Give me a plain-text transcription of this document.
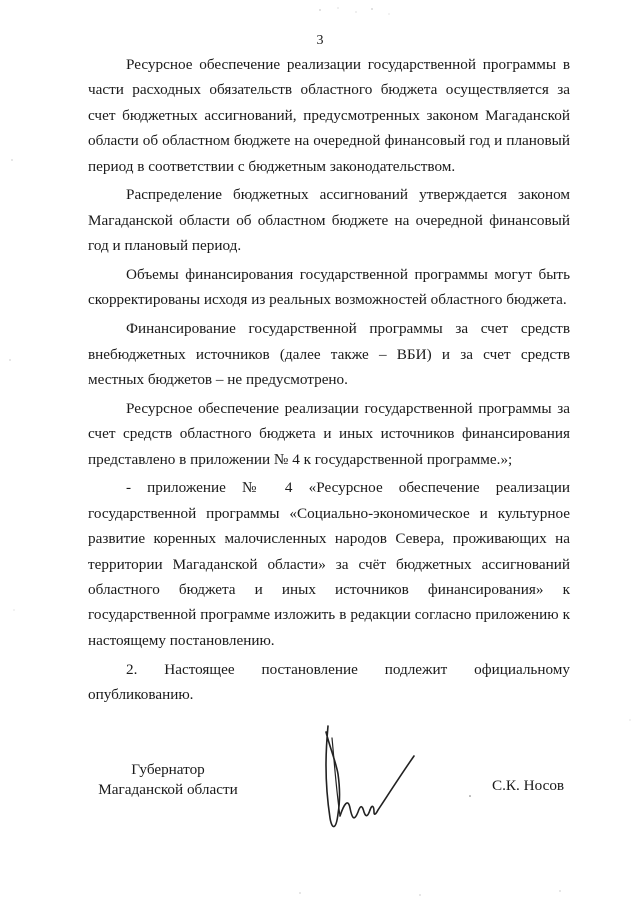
3

Ресурсное обеспечение реализации государственной программы в части расходных обязательств областного бюджета осуществляется за счет бюджетных ассигнований, предусмотренных законом Магаданской области об областном бюджете на очередной финансовый год и плановый период в соответствии с бюджетным законодательством.

Распределение бюджетных ассигнований утверждается законом Магаданской области об областном бюджете на очередной финансовый год и плановый период.

Объемы финансирования государственной программы могут быть скорректированы исходя из реальных возможностей областного бюджета.

Финансирование государственной программы за счет средств внебюджетных источников (далее также – ВБИ) и за счет средств местных бюджетов – не предусмотрено.

Ресурсное обеспечение реализации государственной программы за счет средств областного бюджета и иных источников финансирования представлено в приложении № 4 к государственной программе.»;

- приложение № 4 «Ресурсное обеспечение реализации государственной программы «Социально-экономическое и культурное развитие коренных малочисленных народов Севера, проживающих на территории Магаданской области» за счёт бюджетных ассигнований областного бюджета и иных источников финансирования» к государственной программе изложить в редакции согласно приложению к настоящему постановлению.

2. Настоящее постановление подлежит официальному опубликованию.

Губернатор
Магаданской области	С.К. Носов
